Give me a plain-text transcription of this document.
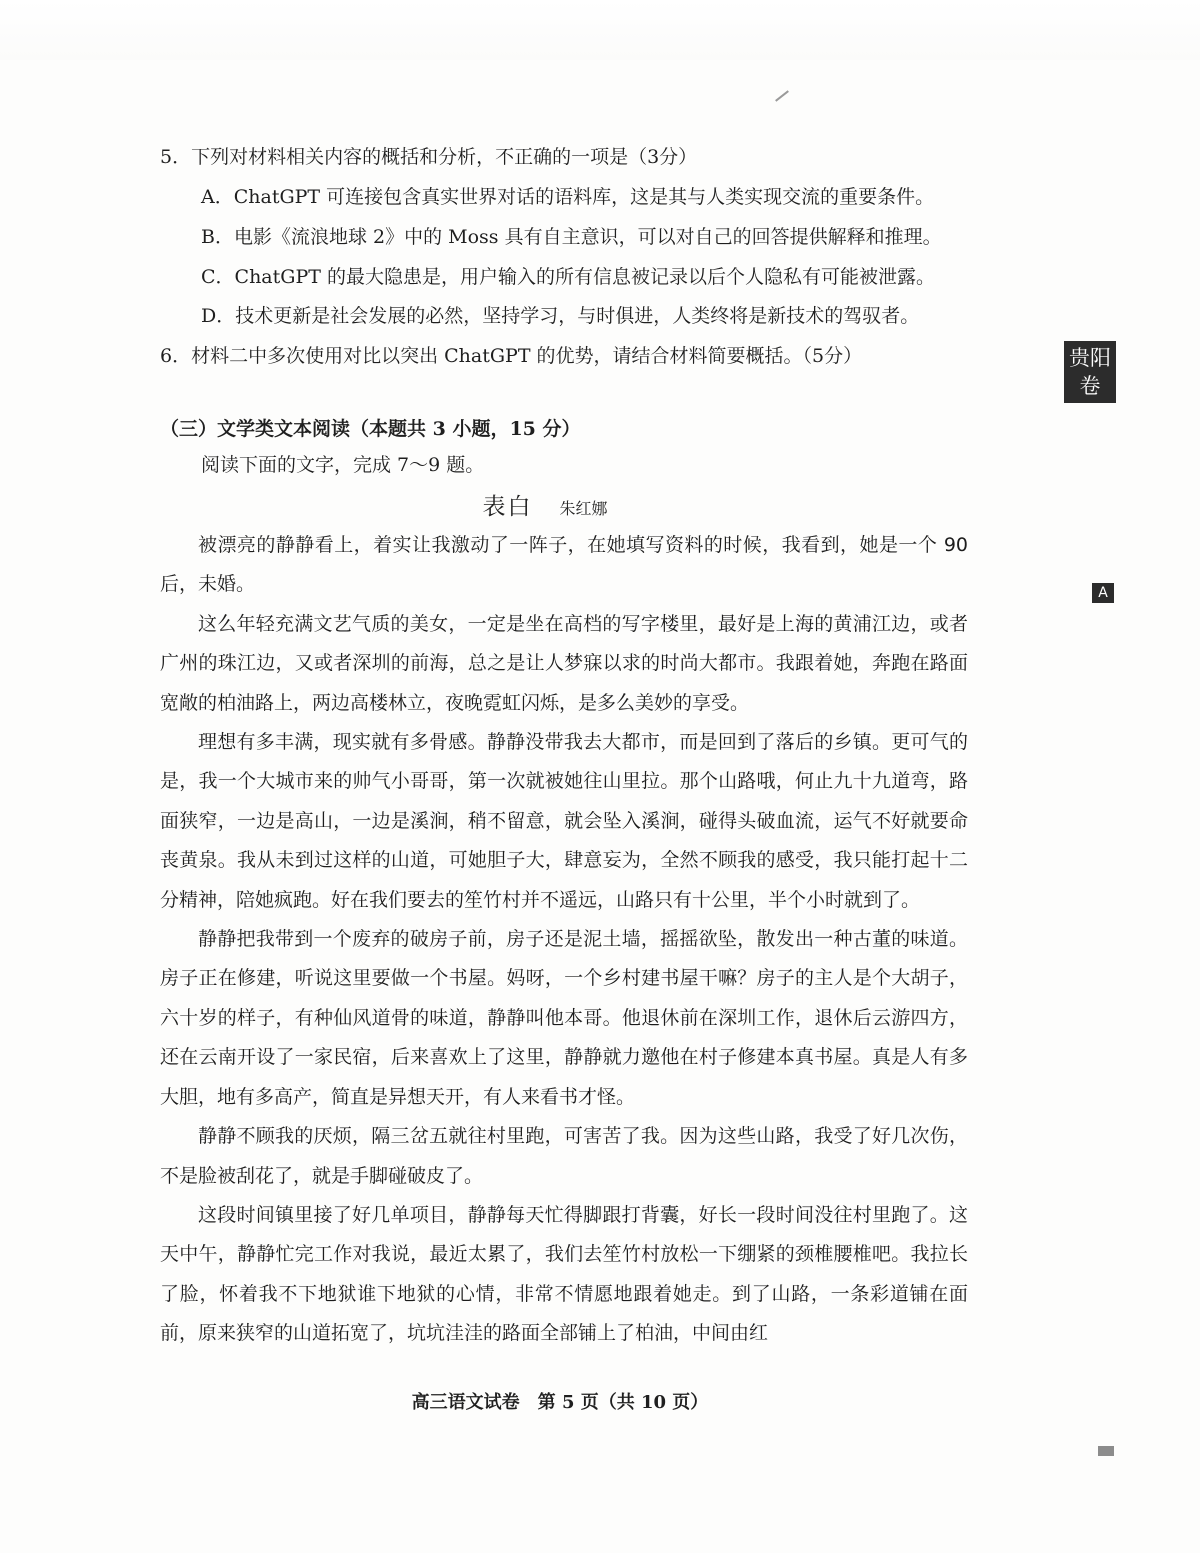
5．下列对材料相关内容的概括和分析，不正确的一项是（3分）
A．ChatGPT 可连接包含真实世界对话的语料库，这是其与人类实现交流的重要条件。
B．电影《流浪地球 2》中的 Moss 具有自主意识，可以对自己的回答提供解释和推理。
C．ChatGPT 的最大隐患是，用户输入的所有信息被记录以后个人隐私有可能被泄露。
D．技术更新是社会发展的必然，坚持学习，与时俱进，人类终将是新技术的驾驭者。
6．材料二中多次使用对比以突出 ChatGPT 的优势，请结合材料简要概括。（5分）
（三）文学类文本阅读（本题共 3 小题，15 分）
阅读下面的文字，完成 7～9 题。
表白 朱红娜

被漂亮的静静看上，着实让我激动了一阵子，在她填写资料的时候，我看到，她是一个 90 后，未婚。

这么年轻充满文艺气质的美女，一定是坐在高档的写字楼里，最好是上海的黄浦江边，或者广州的珠江边，又或者深圳的前海，总之是让人梦寐以求的时尚大都市。我跟着她，奔跑在路面宽敞的柏油路上，两边高楼林立，夜晚霓虹闪烁，是多么美妙的享受。

理想有多丰满，现实就有多骨感。静静没带我去大都市，而是回到了落后的乡镇。更可气的是，我一个大城市来的帅气小哥哥，第一次就被她往山里拉。那个山路哦，何止九十九道弯，路面狭窄，一边是高山，一边是溪涧，稍不留意，就会坠入溪涧，碰得头破血流，运气不好就要命丧黄泉。我从未到过这样的山道，可她胆子大，肆意妄为，全然不顾我的感受，我只能打起十二分精神，陪她疯跑。好在我们要去的笙竹村并不遥远，山路只有十公里，半个小时就到了。

静静把我带到一个废弃的破房子前，房子还是泥土墙，摇摇欲坠，散发出一种古董的味道。房子正在修建，听说这里要做一个书屋。妈呀，一个乡村建书屋干嘛？房子的主人是个大胡子，六十岁的样子，有种仙风道骨的味道，静静叫他本哥。他退休前在深圳工作，退休后云游四方，还在云南开设了一家民宿，后来喜欢上了这里，静静就力邀他在村子修建本真书屋。真是人有多大胆，地有多高产，简直是异想天开，有人来看书才怪。

静静不顾我的厌烦，隔三岔五就往村里跑，可害苦了我。因为这些山路，我受了好几次伤，不是脸被刮花了，就是手脚碰破皮了。

这段时间镇里接了好几单项目，静静每天忙得脚跟打背囊，好长一段时间没往村里跑了。这天中午，静静忙完工作对我说，最近太累了，我们去笙竹村放松一下绷紧的颈椎腰椎吧。我拉长了脸，怀着我不下地狱谁下地狱的心情，非常不情愿地跟着她走。到了山路，一条彩道铺在面前，原来狭窄的山道拓宽了，坑坑洼洼的路面全部铺上了柏油，中间由红

高三语文试卷　第 5 页（共 10 页）
贵阳
卷
A
